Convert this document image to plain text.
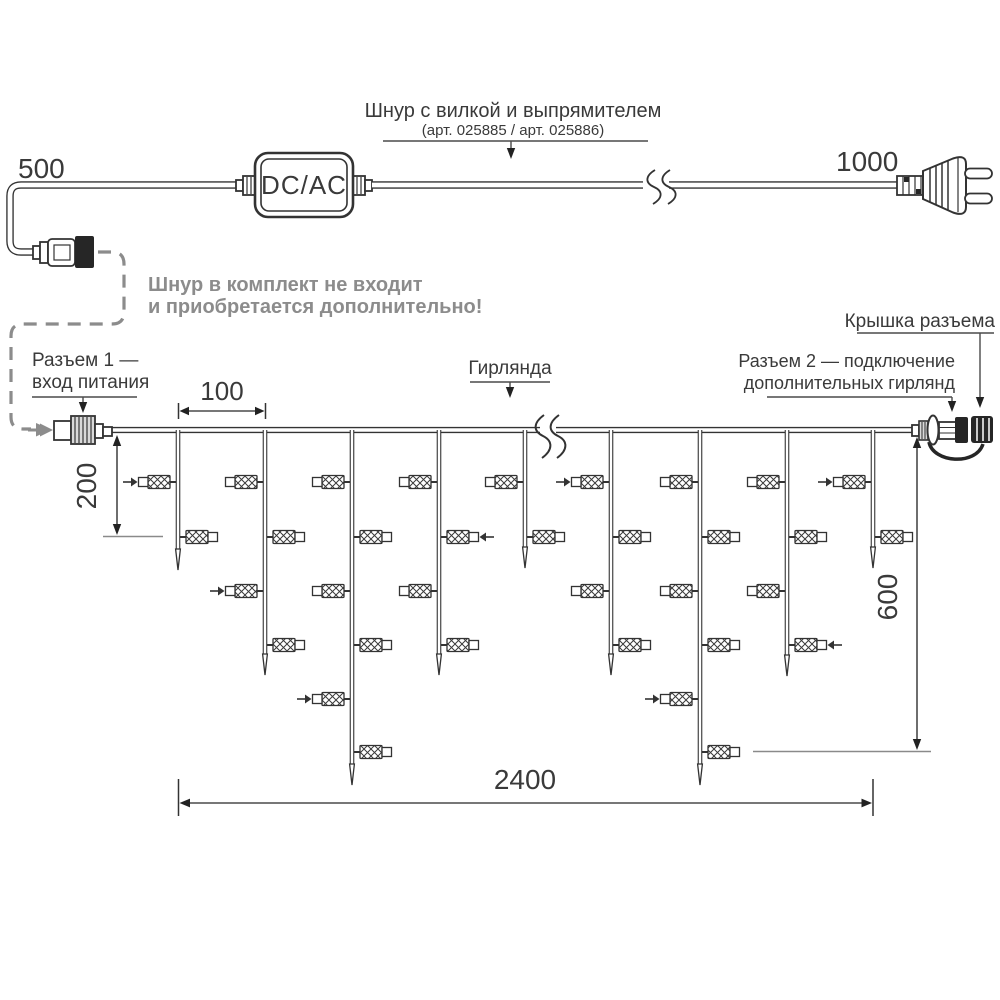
DC/AC
Шнур с вилкой и выпрямителем
(арт. 025885 / арт. 025886)
Шнур в комплект не входит
и приобретается дополнительно!
500	1000
Разъем 1 —
вход питания
Гирлянда	Разъем 2 — подключение
дополнительных гирлянд
Крышка разъема
100
200
600
2400
